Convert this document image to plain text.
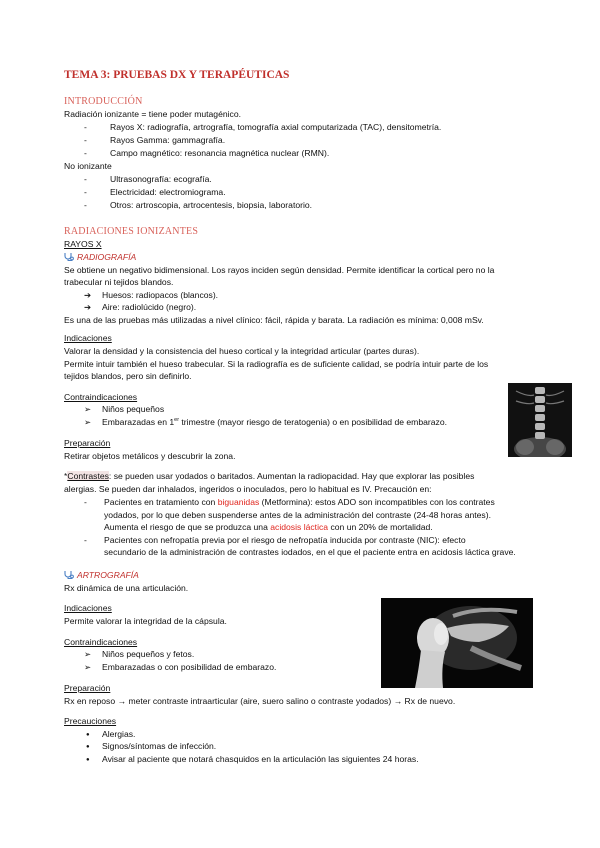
TEMA 3: PRUEBAS DX Y TERAPÉUTICAS
INTRODUCCIÓN
Radiación ionizante = tiene poder mutagénico.
-	Rayos X: radiografía, artrografía, tomografía axial computarizada (TAC), densitometría.
-	Rayos Gamma: gammagrafía.
-	Campo magnético: resonancia magnética nuclear (RMN).
No ionizante
-	Ultrasonografía: ecografía.
-	Electricidad: electromiograma.
-	Otros: artroscopia, artrocentesis, biopsia, laboratorio.
RADIACIONES IONIZANTES
RAYOS X
RADIOGRAFÍA
Se obtiene un negativo bidimensional. Los rayos inciden según densidad. Permite identificar la cortical pero no la
trabecular ni tejidos blandos.
➔ Huesos: radiopacos (blancos).
➔ Aire: radiolúcido (negro).
Es una de las pruebas más utilizadas a nivel clínico: fácil, rápida y barata. La radiación es mínima: 0,008 mSv.
Indicaciones
Valorar la densidad y la consistencia del hueso cortical y la integridad articular (partes duras).
Permite intuir también el hueso trabecular. Si la radiografía es de suficiente calidad, se podría intuir parte de los
tejidos blandos, pero sin definirlo.
Contraindicaciones
➢ Niños pequeños
➢ Embarazadas en 1er trimestre (mayor riesgo de teratogenia) o en posibilidad de embarazo.
Preparación
Retirar objetos metálicos y descubrir la zona.
*Contrastes: se pueden usar yodados o baritados. Aumentan la radiopacidad. Hay que explorar las posibles
alergias. Se pueden dar inhalados, ingeridos o inoculados, pero lo habitual es IV. Precaución en:
- Pacientes en tratamiento con biguanidas (Metformina): estos ADO son incompatibles con los contrates
yodados, por lo que deben suspenderse antes de la administración del contraste (24-48 horas antes).
Aumenta el riesgo de que se produzca una acidosis láctica con un 20% de mortalidad.
- Pacientes con nefropatía previa por el riesgo de nefropatía inducida por contraste (NIC): efecto
secundario de la administración de contrastes iodados, en el que el paciente entra en acidosis láctica grave.
ARTROGRAFÍA
Rx dinámica de una articulación.
Indicaciones
Permite valorar la integridad de la cápsula.
Contraindicaciones
➢ Niños pequeños y fetos.
➢ Embarazadas o con posibilidad de embarazo.
Preparación
Rx en reposo → meter contraste intraarticular (aire, suero salino o contraste yodados) → Rx de nuevo.
Precauciones
● Alergias.
● Signos/síntomas de infección.
● Avisar al paciente que notará chasquidos en la articulación las siguientes 24 horas.
